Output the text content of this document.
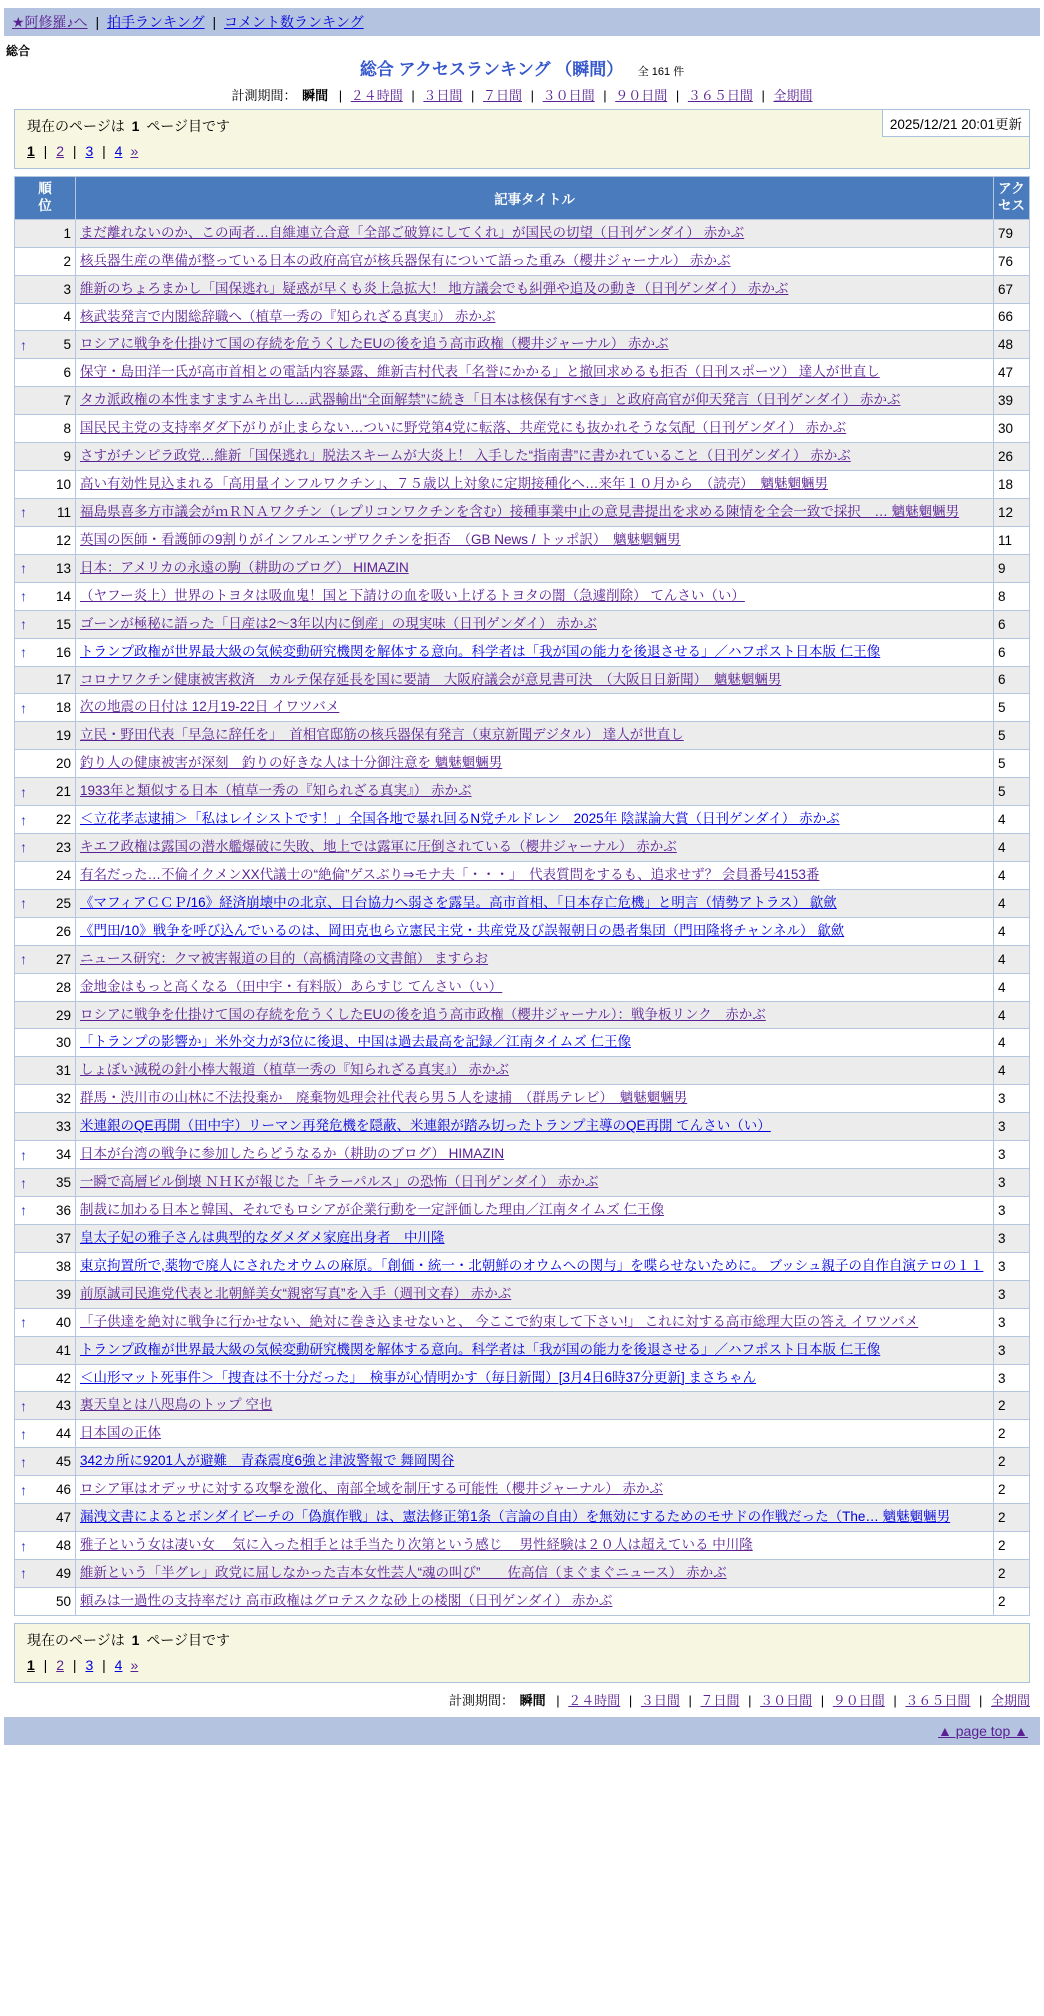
★阿修羅♪へ | 拍手ランキング | コメント数ランキング
総合
総合 アクセスランキング （瞬間） 全 161 件
計測期間： 瞬間 | ２４時間 | ３日間 | ７日間 | ３０日間 | ９０日間 | ３６５日間 | 全期間
2025/12/21 20:01更新
現在のページは 1 ページ目です
1 | 2 | 3 | 4 »
順位	記事タイトル	アクセス
1	まだ離れないのか、この両者…自維連立合意「全部ご破算にしてくれ」が国民の切望（日刊ゲンダイ） 赤かぶ	79
2	核兵器生産の準備が整っている日本の政府高官が核兵器保有について語った重み（櫻井ジャーナル） 赤かぶ	76
3	維新のちょろまかし「国保逃れ」疑惑が早くも炎上急拡大！ 地方議会でも糾弾や追及の動き（日刊ゲンダイ） 赤かぶ	67
4	核武装発言で内閣総辞職へ（植草一秀の『知られざる真実』） 赤かぶ	66

↑ 5	ロシアに戦争を仕掛けて国の存続を危うくしたEUの後を追う高市政権（櫻井ジャーナル） 赤かぶ	48
6	保守・島田洋一氏が高市首相との電話内容暴露、維新吉村代表「名誉にかかる」と撤回求めるも拒否（日刊スポーツ） 達人が世直し	47
7	タカ派政権の本性ますますムキ出し…武器輸出“全面解禁”に続き「日本は核保有すべき」と政府高官が仰天発言（日刊ゲンダイ） 赤かぶ	39
8	国民民主党の支持率ダダ下がりが止まらない…ついに野党第4党に転落、共産党にも抜かれそうな気配（日刊ゲンダイ） 赤かぶ	30
9	さすがチンピラ政党…維新「国保逃れ」脱法スキームが大炎上！ 入手した“指南書”に書かれていること（日刊ゲンダイ） 赤かぶ	26
10	高い有効性見込まれる「高用量インフルワクチン」、７５歳以上対象に定期接種化へ…来年１０月から　（読売）　魑魅魍魎男	18

↑ 11	福島県喜多方市議会がｍＲＮＡワクチン（レプリコンワクチンを含む）接種事業中止の意見書提出を求める陳情を全会一致で採択　… 魑魅魍魎男	12
12	英国の医師・看護師の9割りがインフルエンザワクチンを拒否　（GB News / トッポ訳）　魑魅魍魎男	11

↑ 13	日本：アメリカの永遠の駒（耕助のブログ） HIMAZIN	9

↑ 14	（ヤフー炎上）世界のトヨタは吸血鬼！国と下請けの血を吸い上げるトヨタの闇（急遽削除） てんさい（い）	8

↑ 15	ゴーンが極秘に語った「日産は2～3年以内に倒産」の現実味（日刊ゲンダイ） 赤かぶ	6

↑ 16	トランプ政権が世界最大級の気候変動研究機関を解体する意向。科学者は「我が国の能力を後退させる」／ハフポスト日本版 仁王像	6
17	コロナワクチン健康被害救済　カルテ保存延長を国に要請　大阪府議会が意見書可決　（大阪日日新聞）　魑魅魍魎男	6

↑ 18	次の地震の日付は 12月19-22日 イワツバメ	5
19	立民・野田代表「早急に辞任を」　首相官邸筋の核兵器保有発言（東京新聞デジタル） 達人が世直し	5
20	釣り人の健康被害が深刻　釣りの好きな人は十分御注意を 魑魅魍魎男	5

↑ 21	1933年と類似する日本（植草一秀の『知られざる真実』） 赤かぶ	5

↑ 22	＜立花孝志逮捕＞「私はレイシストです！」全国各地で暴れ回るN党チルドレン　2025年 陰謀論大賞（日刊ゲンダイ） 赤かぶ	4

↑ 23	キエフ政権は露国の潜水艦爆破に失敗、地上では露軍に圧倒されている（櫻井ジャーナル） 赤かぶ	4
24	有名だった…不倫イクメンXX代議士の“絶倫”ゲスぶり⇒モナ夫「・・・」　代表質問をするも、追求せず？ 会員番号4153番	4

↑ 25	《マフィアＣＣＰ/16》経済崩壊中の北京、日台協力へ弱さを露呈。高市首相、「日本存亡危機」と明言（情勢アトラス） 歙歛	4
26	《門田/10》戦争を呼び込んでいるのは、岡田克也ら立憲民主党・共産党及び誤報朝日の愚者集団（門田隆将チャンネル） 歙歛	4

↑ 27	ニュース研究：クマ被害報道の目的（高橋清隆の文書館） ますらお	4
28	金地金はもっと高くなる（田中宇・有料版）あらすじ てんさい（い）	4
29	ロシアに戦争を仕掛けて国の存続を危うくしたEUの後を追う高市政権（櫻井ジャーナル）：戦争板リンク　赤かぶ	4
30	「トランプの影響か」米外交力が3位に後退、中国は過去最高を記録／江南タイムズ 仁王像	4
31	しょぼい減税の針小棒大報道（植草一秀の『知られざる真実』） 赤かぶ	4
32	群馬・渋川市の山林に不法投棄か　廃棄物処理会社代表ら男５人を逮捕　（群馬テレビ）　魑魅魍魎男	3
33	米連銀のQE再開（田中宇）リーマン再発危機を隠蔽、米連銀が踏み切ったトランプ主導のQE再開 てんさい（い）	3

↑ 34	日本が台湾の戦争に参加したらどうなるか（耕助のブログ） HIMAZIN	3

↑ 35	一瞬で高層ビル倒壊 ＮＨＫが報じた「キラーパルス」の恐怖（日刊ゲンダイ） 赤かぶ	3

↑ 36	制裁に加わる日本と韓国、それでもロシアが企業行動を一定評価した理由／江南タイムズ 仁王像	3
37	皇太子妃の雅子さんは典型的なダメダメ家庭出身者　中川隆	3
38	東京拘置所で,薬物で廃人にされたオウムの麻原。「創価・統一・北朝鮮のオウムへの関与」を喋らせないために。 ブッシュ親子の自作自演テロの１１	3
39	前原誠司民進党代表と北朝鮮美女“親密写真”を入手（週刊文春） 赤かぶ	3

↑ 40	「子供達を絶対に戦争に行かせない、絶対に巻き込ませないと、 今ここで約束して下さい!」 これに対する高市総理大臣の答え イワツバメ	3
41	トランプ政権が世界最大級の気候変動研究機関を解体する意向。科学者は「我が国の能力を後退させる」／ハフポスト日本版 仁王像	3
42	＜山形マット死事件＞「捜査は不十分だった」　検事が心情明かす（毎日新聞）[3月4日6時37分更新] まさちゃん	3

↑ 43	裏天皇とは八咫鳥のトップ 空也	2

↑ 44	日本国の正体	2

↑ 45	342カ所に9201人が避難　青森震度6強と津波警報で 舞岡関谷	2

↑ 46	ロシア軍はオデッサに対する攻撃を激化、南部全域を制圧する可能性（櫻井ジャーナル） 赤かぶ	2
47	漏洩文書によるとボンダイビーチの「偽旗作戦」は、憲法修正第1条（言論の自由）を無効にするためのモサドの作戦だった（The… 魑魅魍魎男	2

↑ 48	雅子という女は凄い女 ＿気に入った相手とは手当たり次第という感じ ＿男性経験は２０人は超えている 中川隆	2

↑ 49	維新という「半グレ」政党に屈しなかった吉本女性芸人“魂の叫び”　　佐高信（まぐまぐニュース） 赤かぶ	2
50	頼みは一過性の支持率だけ 高市政権はグロテスクな砂上の楼閣（日刊ゲンダイ） 赤かぶ	2
現在のページは 1 ページ目です
1 | 2 | 3 | 4 »
計測期間： 瞬間 | ２４時間 | ３日間 | ７日間 | ３０日間 | ９０日間 | ３６５日間 | 全期間
▲ page top ▲
